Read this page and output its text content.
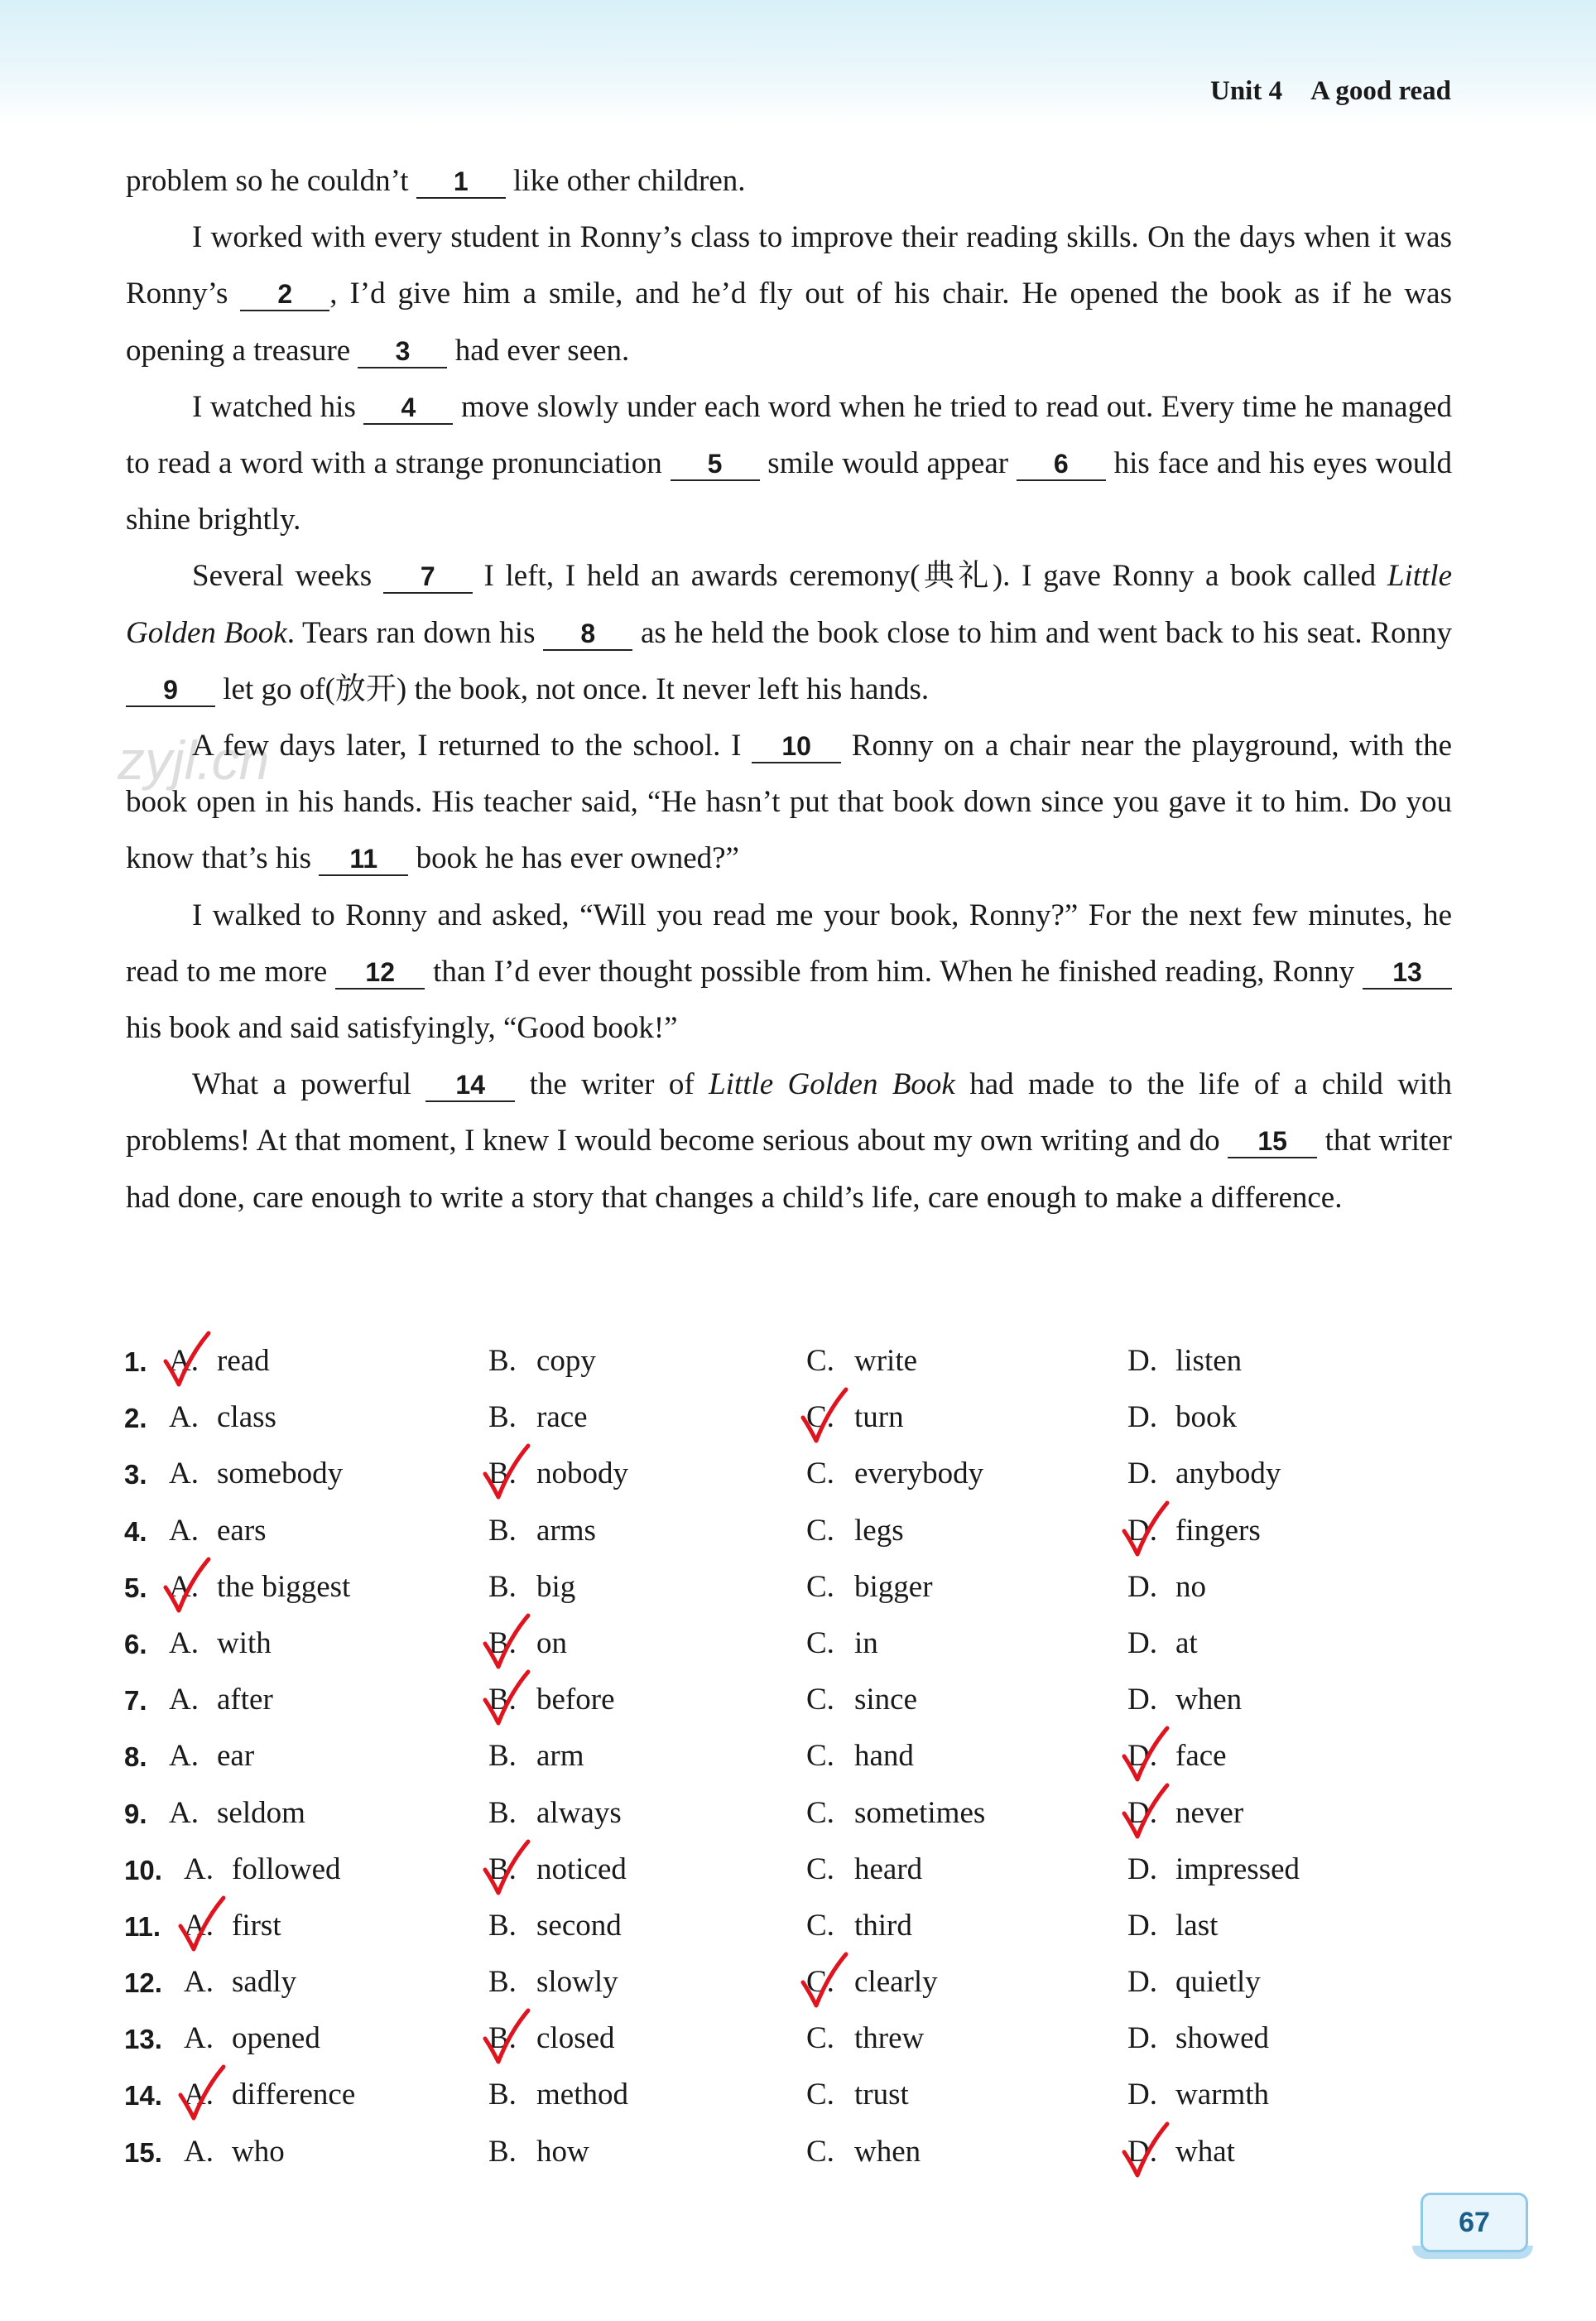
Unit 4 A good read
zyjl.cn

problem so he couldn’t 1 like other children.

I worked with every student in Ronny’s class to improve their reading skills. On the days when it was Ronny’s 2 , I’d give him a smile, and he’d fly out of his chair. He opened the book as if he was opening a treasure 3 had ever seen.

I watched his 4 move slowly under each word when he tried to read out. Every time he managed to read a word with a strange pronunciation 5 smile would appear 6 his face and his eyes would shine brightly.

Several weeks 7 I left, I held an awards ceremony(典礼). I gave Ronny a book called Little Golden Book. Tears ran down his 8 as he held the book close to him and went back to his seat. Ronny 9 let go of(放开) the book, not once. It never left his hands.

A few days later, I returned to the school. I 10 Ronny on a chair near the playground, with the book open in his hands. His teacher said, “He hasn’t put that book down since you gave it to him. Do you know that’s his 11 book he has ever owned?”

I walked to Ronny and asked, “Will you read me your book, Ronny?” For the next few minutes, he read to me more 12 than I’d ever thought possible from him. When he finished reading, Ronny 13 his book and said satisfyingly, “Good book!”

What a powerful 14 the writer of Little Golden Book had made to the life of a child with problems! At that moment, I knew I would become serious about my own writing and do 15 that writer had done, care enough to write a story that changes a child’s life, care enough to make a difference.

1. A. read	B. copy	C. write	D. listen
2. A. class	B. race	C. turn	D. book
3. A. somebody	B. nobody	C. everybody	D. anybody
4. A. ears	B. arms	C. legs	D. fingers
5. A. the biggest	B. big	C. bigger	D. no
6. A. with	B. on	C. in	D. at
7. A. after	B. before	C. since	D. when
8. A. ear	B. arm	C. hand	D. face
9. A. seldom	B. always	C. sometimes	D. never
10. A. followed	B. noticed	C. heard	D. impressed
11. A. first	B. second	C. third	D. last
12. A. sadly	B. slowly	C. clearly	D. quietly
13. A. opened	B. closed	C. threw	D. showed
14. A. difference	B. method	C. trust	D. warmth
15. A. who	B. how	C. when	D. what
67
